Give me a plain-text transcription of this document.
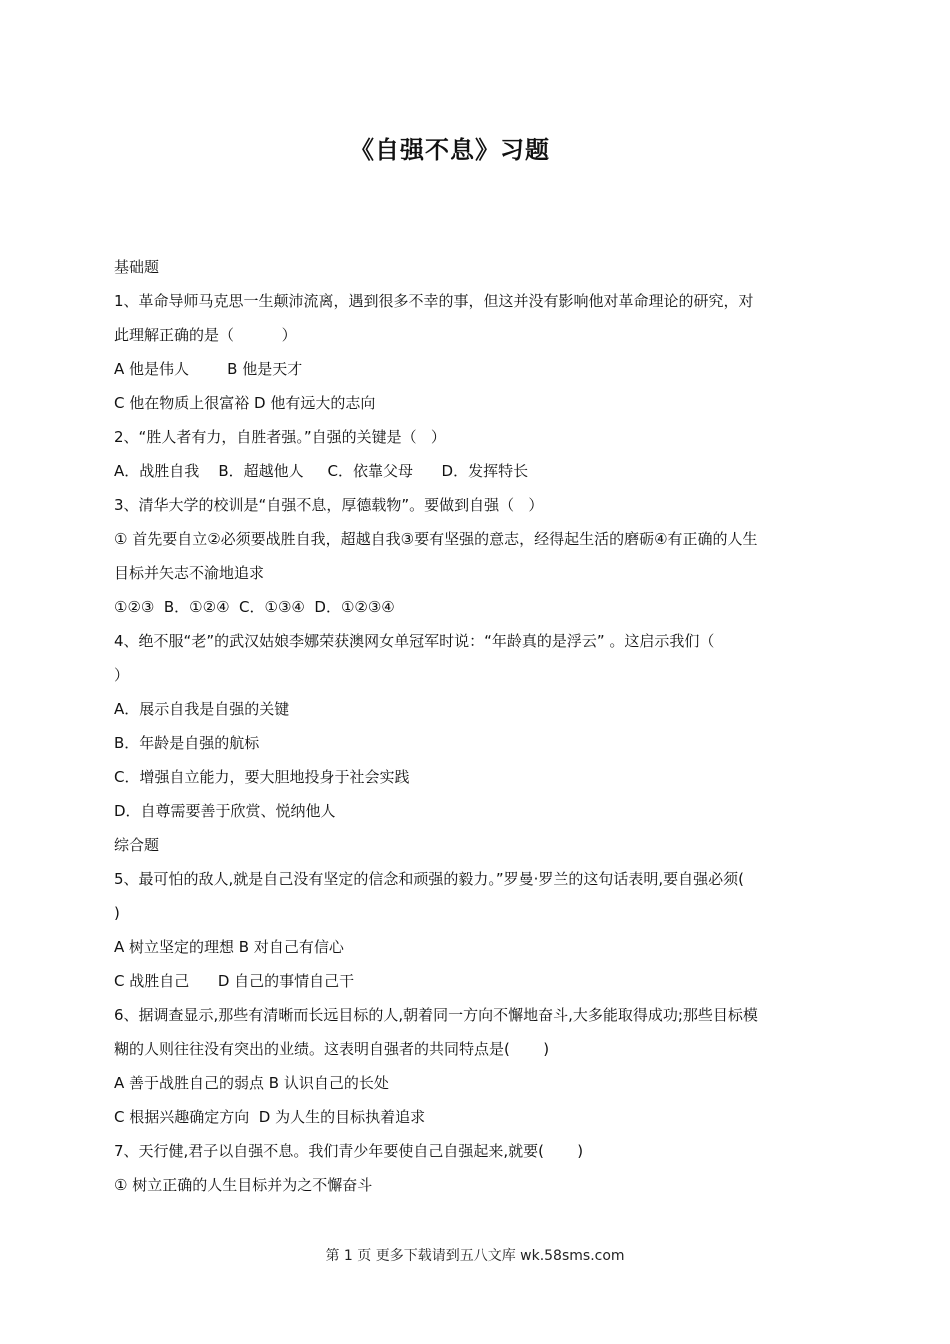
《自强不息》习题
基础题
1、革命导师马克思一生颠沛流离，遇到很多不幸的事，但这并没有影响他对革命理论的研究，对
此理解正确的是（          ）
A 他是伟人        B 他是天才
C 他在物质上很富裕 D 他有远大的志向
2、“胜人者有力，自胜者强。”自强的关键是（   ）
A．战胜自我    B．超越他人     C．依靠父母      D．发挥特长
3、清华大学的校训是“自强不息，厚德载物”。要做到自强（   ）
① 首先要自立②必须要战胜自我，超越自我③要有坚强的意志，经得起生活的磨砺④有正确的人生
目标并矢志不渝地追求
①②③  B．①②④  C．①③④  D．①②③④
4、绝不服“老”的武汉姑娘李娜荣获澳网女单冠军时说：“年龄真的是浮云” 。这启示我们（
）
A．展示自我是自强的关键
B．年龄是自强的航标
C．增强自立能力，要大胆地投身于社会实践
D．自尊需要善于欣赏、悦纳他人
综合题
5、最可怕的敌人,就是自己没有坚定的信念和顽强的毅力。”罗曼·罗兰的这句话表明,要自强必须(
)
A 树立坚定的理想 B 对自己有信心
C 战胜自己      D 自己的事情自己干
6、据调查显示,那些有清晰而长远目标的人,朝着同一方向不懈地奋斗,大多能取得成功;那些目标模
糊的人则往往没有突出的业绩。这表明自强者的共同特点是(       )
A 善于战胜自己的弱点 B 认识自己的长处
C 根据兴趣确定方向  D 为人生的目标执着追求
7、天行健,君子以自强不息。我们青少年要使自己自强起来,就要(       )
① 树立正确的人生目标并为之不懈奋斗
第 1 页 更多下载请到五八文库 wk.58sms.com
